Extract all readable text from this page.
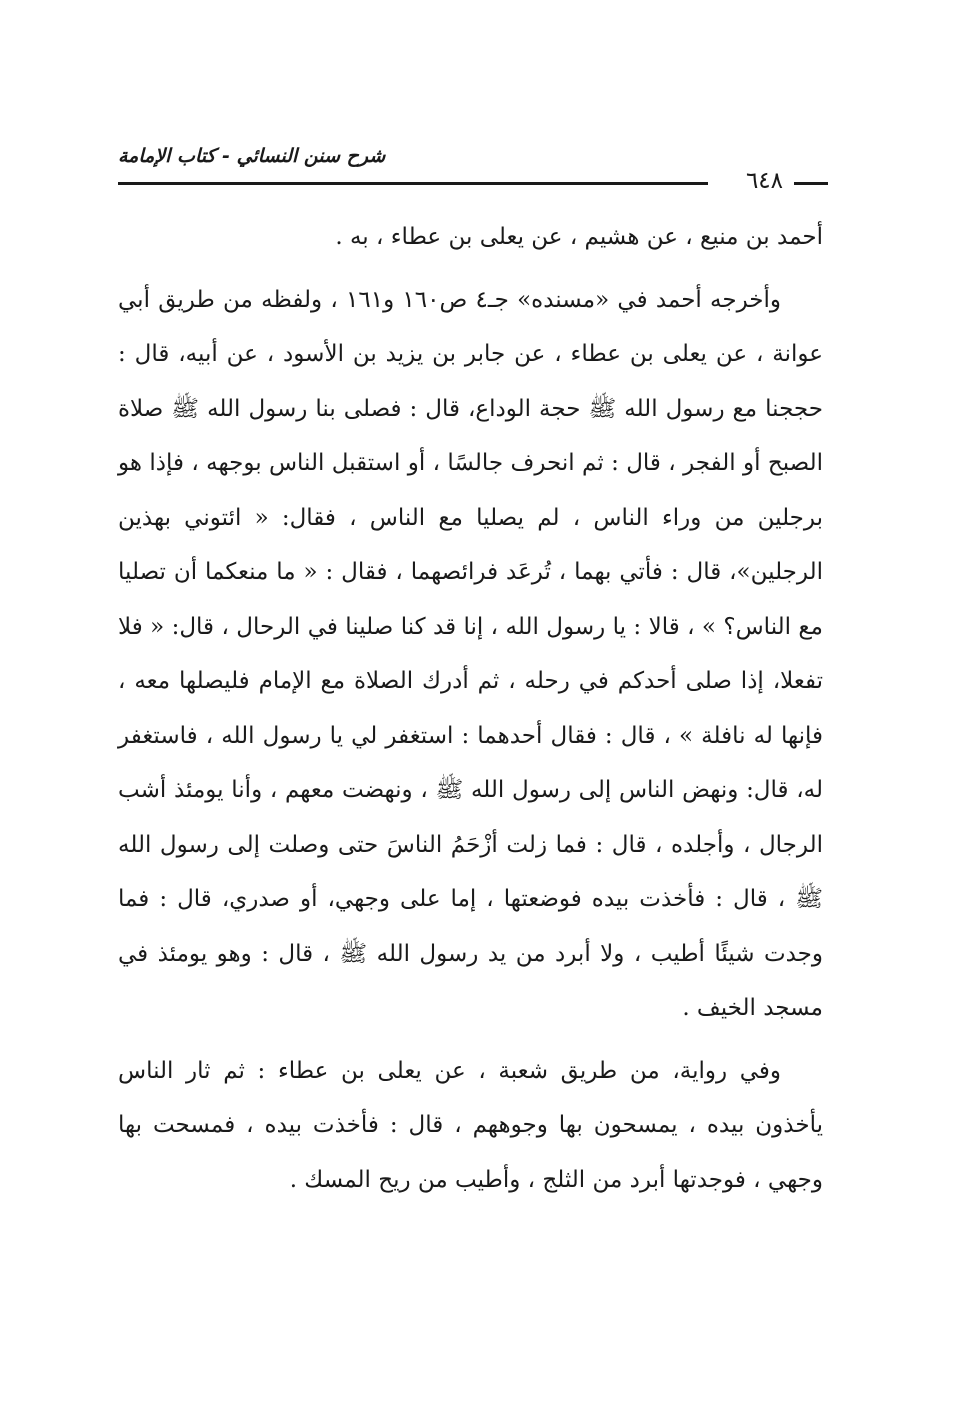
شرح سنن النسائي - كتاب الإمامة
٦٤٨

أحمد بن منيع ، عن هشيم ، عن يعلى بن عطاء ، به .

وأخرجه أحمد في «مسنده» جـ٤ ص١٦٠ و١٦١ ، ولفظه من طريق أبي عوانة ، عن يعلى بن عطاء ، عن جابر بن يزيد بن الأسود ، عن أبيه، قال : حججنا مع رسول الله ﷺ حجة الوداع، قال : فصلى بنا رسول الله ﷺ صلاة الصبح أو الفجر ، قال : ثم انحرف جالسًا ، أو استقبل الناس بوجهه ، فإذا هو برجلين من وراء الناس ، لم يصليا مع الناس ، فقال: « ائتوني بهذين الرجلين»، قال : فأتي بهما ، تُرعَد فرائصهما ، فقال : « ما منعكما أن تصليا مع الناس؟ » ، قالا : يا رسول الله ، إنا قد كنا صلينا في الرحال ، قال: « فلا تفعلا، إذا صلى أحدكم في رحله ، ثم أدرك الصلاة مع الإمام فليصلها معه ، فإنها له نافلة » ، قال : فقال أحدهما : استغفر لي يا رسول الله ، فاستغفر له، قال: ونهض الناس إلى رسول الله ﷺ ، ونهضت معهم ، وأنا يومئذ أشب الرجال ، وأجلده ، قال : فما زلت أزْحَمُ الناسَ حتى وصلت إلى رسول الله ﷺ ، قال : فأخذت بيده فوضعتها ، إما على وجهي، أو صدري، قال : فما وجدت شيئًا أطيب ، ولا أبرد من يد رسول الله ﷺ ، قال : وهو يومئذ في مسجد الخيف .

وفي رواية، من طريق شعبة ، عن يعلى بن عطاء : ثم ثار الناس يأخذون بيده ، يمسحون بها وجوههم ، قال : فأخذت بيده ، فمسحت بها وجهي ، فوجدتها أبرد من الثلج ، وأطيب من ريح المسك .
